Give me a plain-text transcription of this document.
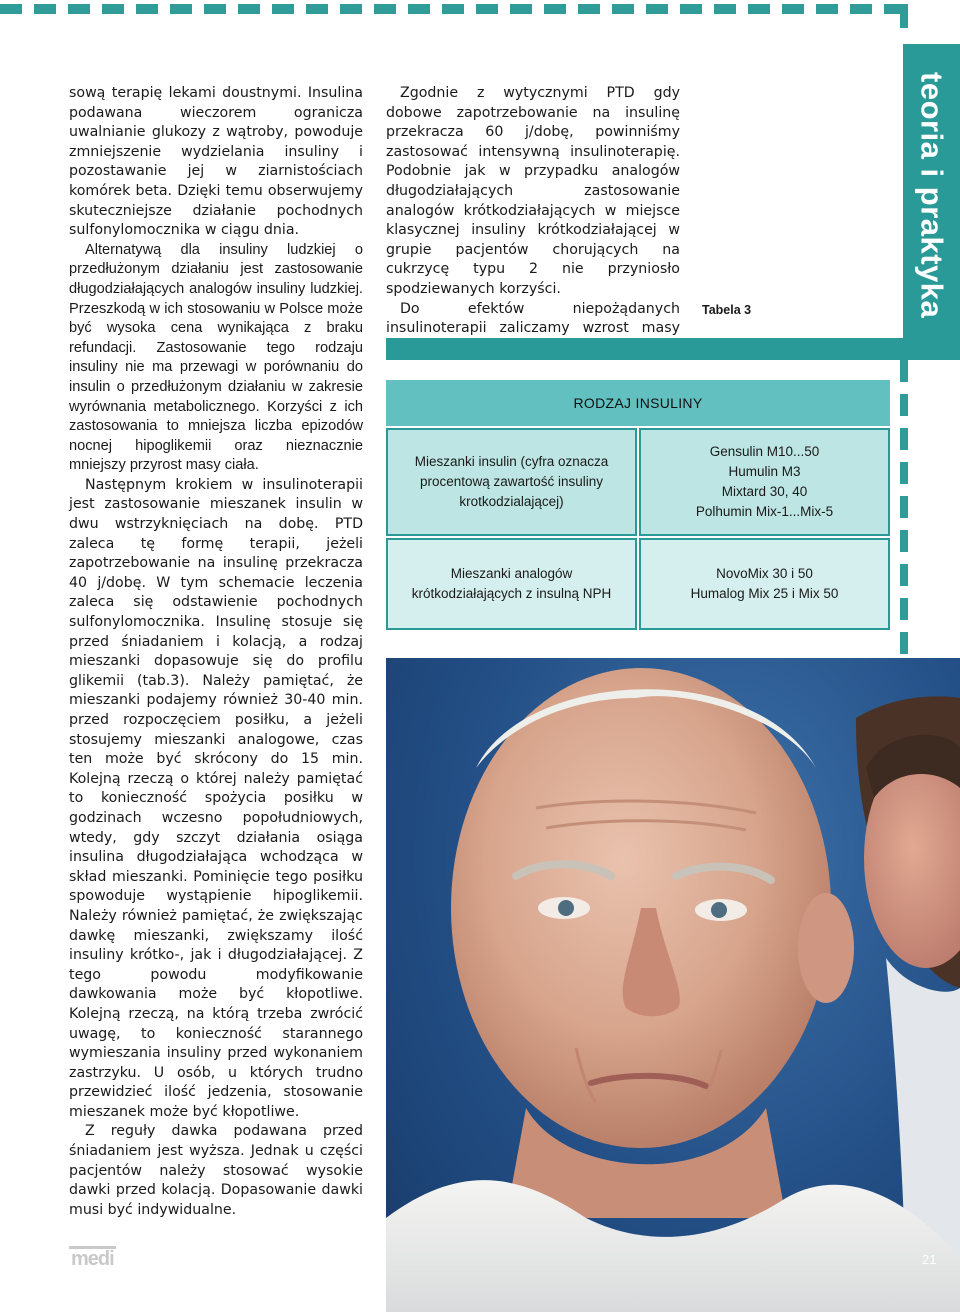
teoria i praktyka

sową terapię lekami doustnymi. Insulina podawana wieczorem ogranicza uwalnianie glukozy z wątroby, powoduje zmniejszenie wydzielania insuliny i pozostawanie jej w ziarnistościach komórek beta. Dzięki temu obserwujemy skuteczniejsze działanie pochodnych sulfonylomocznika w ciągu dnia.

Alternatywą dla insuliny ludzkiej o przedłużonym działaniu jest zastosowanie długodziałających analogów insuliny ludzkiej. Przeszkodą w ich stosowaniu w Polsce może być wysoka cena wynikająca z braku refundacji. Zastosowanie tego rodzaju insuliny nie ma przewagi w porównaniu do insulin o przedłużonym działaniu w zakresie wyrównania metabolicznego. Korzyści z ich zastosowania to mniejsza liczba epizodów nocnej hipoglikemii oraz nieznacznie mniejszy przyrost masy ciała.

Następnym krokiem w insulinoterapii jest zastosowanie mieszanek insulin w dwu wstrzyknięciach na dobę. PTD zaleca tę formę terapii, jeżeli zapotrzebowanie na insulinę przekracza 40 j/dobę. W tym schemacie leczenia zaleca się odstawienie pochodnych sulfonylomocznika. Insulinę stosuje się przed śniadaniem i kolacją, a rodzaj mieszanki dopasowuje się do profilu glikemii (tab.3). Należy pamiętać, że mieszanki podajemy również 30-40 min. przed rozpoczęciem posiłku, a jeżeli stosujemy mieszanki analogowe, czas ten może być skrócony do 15 min. Kolejną rzeczą o której należy pamiętać to konieczność spożycia posiłku w godzinach wczesno popołudniowych, wtedy, gdy szczyt działania osiąga insulina długodziałająca wchodząca w skład mieszanki. Pominięcie tego posiłku spowoduje wystąpienie hipoglikemii. Należy również pamiętać, że zwiększając dawkę mieszanki, zwiększamy ilość insuliny krótko-, jak i długodziałającej. Z tego powodu modyfikowanie dawkowania może być kłopotliwe. Kolejną rzeczą, na którą trzeba zwrócić uwagę, to konieczność starannego wymieszania insuliny przed wykonaniem zastrzyku. U osób, u których trudno przewidzieć ilość jedzenia, stosowanie mieszanek może być kłopotliwe.

Z reguły dawka podawana przed śniadaniem jest wyższa. Jednak u części pacjentów należy stosować wysokie dawki przed kolacją. Dopasowanie dawki musi być indywidualne.

Zgodnie z wytycznymi PTD gdy dobowe zapotrzebowanie na insulinę przekracza 60 j/dobę, powinniśmy zastosować intensywną insulinoterapię. Podobnie jak w przypadku analogów długodziałających zastosowanie analogów krótkodziałających w miejsce klasycznej insuliny krótkodziałającej w grupie pacjentów chorujących na cukrzycę typu 2 nie przyniosło spodziewanych korzyści.

Do efektów niepożądanych insulinoterapii zaliczamy wzrost masy

Tabela 3
RODZAJ INSULINY
Mieszanki insulin (cyfra oznacza
procentową zawartość insuliny
krotkodzialającej)
Gensulin M10...50
Humulin M3
Mixtard 30, 40
Polhumin Mix-1...Mix-5
Mieszanki analogów
krótkodziałających z insulną NPH
NovoMix 30 i 50
Humalog Mix 25 i Mix 50
21
medi
